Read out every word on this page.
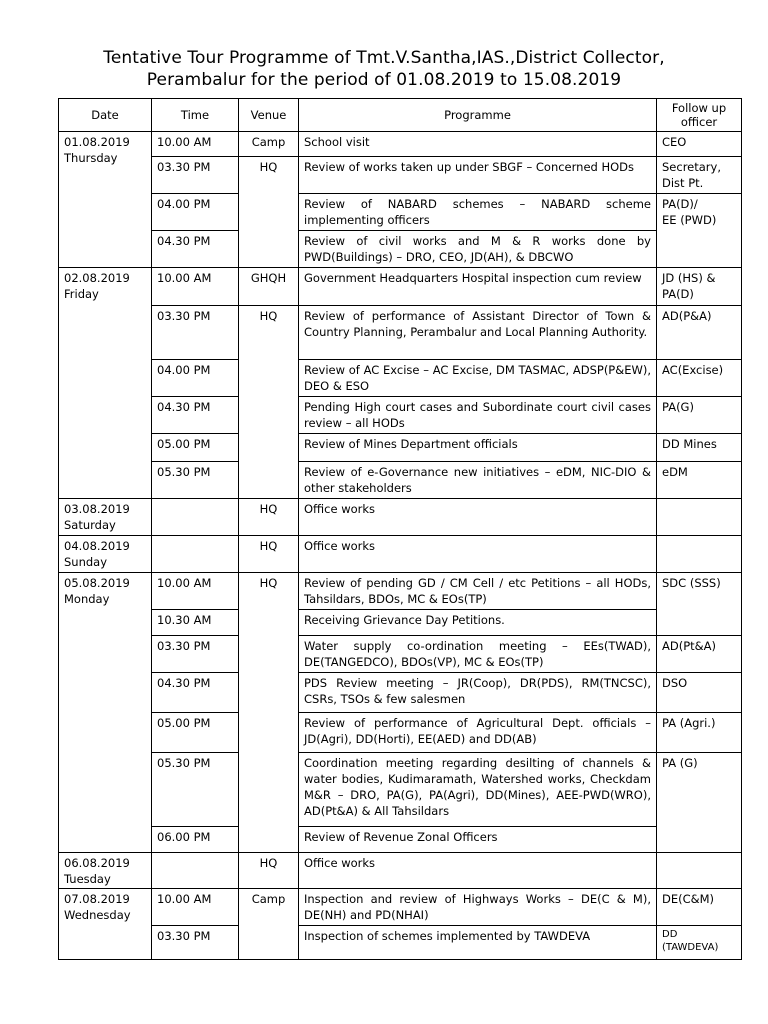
Tentative Tour Programme of Tmt.V.Santha,IAS.,District Collector,
Perambalur for the period of 01.08.2019 to 15.08.2019
Date	Time	Venue	Programme	Follow up officer
01.08.2019
Thursday	10.00 AM	Camp	School visit	CEO
	03.30 PM	HQ	Review of works taken up under SBGF – Concerned HODs	Secretary, Dist Pt.
	04.00 PM		Review of NABARD schemes – NABARD scheme implementing officers	PA(D)/
EE (PWD)
	04.30 PM		Review of civil works and M & R works done by PWD(Buildings) – DRO, CEO, JD(AH), & DBCWO	
02.08.2019
Friday	10.00 AM	GHQH	Government Headquarters Hospital inspection cum review	JD (HS) & PA(D)
	03.30 PM	HQ	Review of performance of Assistant Director of Town & Country Planning, Perambalur and Local Planning Authority.	AD(P&A)
	04.00 PM		Review of AC Excise – AC Excise, DM TASMAC, ADSP(P&EW), DEO & ESO	AC(Excise)
	04.30 PM		Pending High court cases and Subordinate court civil cases review – all HODs	PA(G)
	05.00 PM		Review of Mines Department officials	DD Mines
	05.30 PM		Review of e-Governance new initiatives – eDM, NIC-DIO & other stakeholders	eDM
03.08.2019
Saturday		HQ	Office works	
04.08.2019
Sunday		HQ	Office works	
05.08.2019
Monday	10.00 AM	HQ	Review of pending GD / CM Cell / etc Petitions – all HODs, Tahsildars, BDOs, MC & EOs(TP)	SDC (SSS)
	10.30 AM		Receiving Grievance Day Petitions.	
	03.30 PM		Water supply co-ordination meeting – EEs(TWAD), DE(TANGEDCO), BDOs(VP), MC & EOs(TP)	AD(Pt&A)
	04.30 PM		PDS Review meeting – JR(Coop), DR(PDS), RM(TNCSC), CSRs, TSOs & few salesmen	DSO
	05.00 PM		Review of performance of Agricultural Dept. officials – JD(Agri), DD(Horti), EE(AED) and DD(AB)	PA (Agri.)
	05.30 PM		Coordination meeting regarding desilting of channels & water bodies, Kudimaramath, Watershed works, Checkdam M&R – DRO, PA(G), PA(Agri), DD(Mines), AEE-PWD(WRO), AD(Pt&A) & All Tahsildars	PA (G)
	06.00 PM		Review of Revenue Zonal Officers	
06.08.2019
Tuesday		HQ	Office works	
07.08.2019
Wednesday	10.00 AM	Camp	Inspection and review of Highways Works – DE(C & M), DE(NH) and PD(NHAI)	DE(C&M)
	03.30 PM		Inspection of schemes implemented by TAWDEVA	DD
(TAWDEVA)
